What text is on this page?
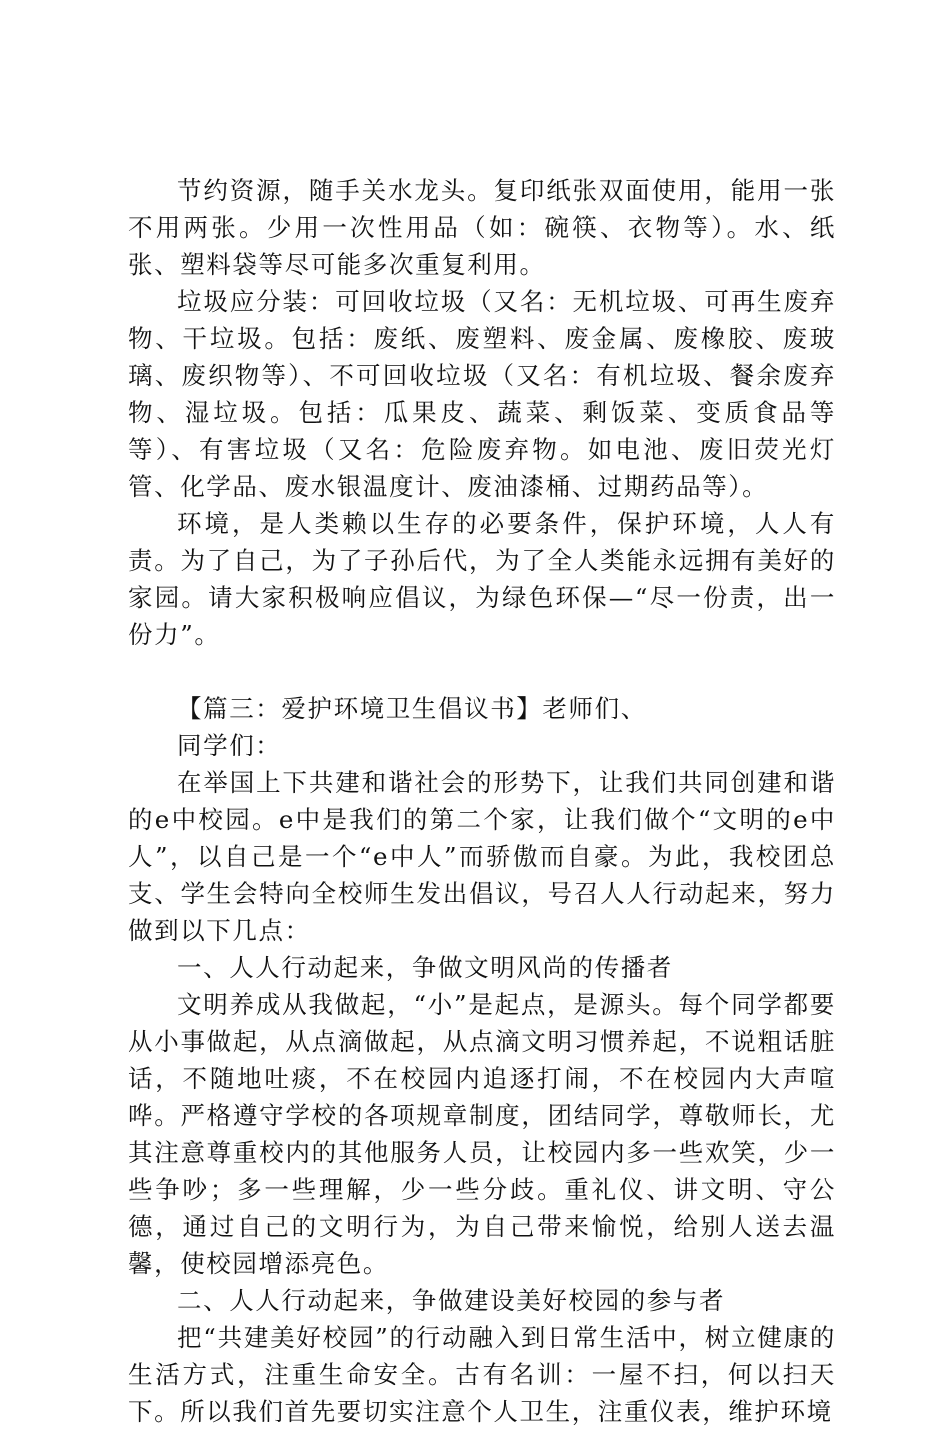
节约资源，随手关水龙头。复印纸张双面使用，能用一张不用两张。少用一次性用品（如：碗筷、衣物等）。水、纸张、塑料袋等尽可能多次重复利用。

垃圾应分装：可回收垃圾（又名：无机垃圾、可再生废弃物、干垃圾。包括：废纸、废塑料、废金属、废橡胶、废玻璃、废织物等）、不可回收垃圾（又名：有机垃圾、餐余废弃物、湿垃圾。包括：瓜果皮、蔬菜、剩饭菜、变质食品等等）、有害垃圾（又名：危险废弃物。如电池、废旧荧光灯管、化学品、废水银温度计、废油漆桶、过期药品等）。

环境，是人类赖以生存的必要条件，保护环境，人人有责。为了自己，为了子孙后代，为了全人类能永远拥有美好的家园。请大家积极响应倡议，为绿色环保—“尽一份责，出一份力”。

【篇三：爱护环境卫生倡议书】老师们、

同学们：

在举国上下共建和谐社会的形势下，让我们共同创建和谐的e中校园。e中是我们的第二个家，让我们做个“文明的e中人”，以自己是一个“e中人”而骄傲而自豪。为此，我校团总支、学生会特向全校师生发出倡议，号召人人行动起来，努力做到以下几点：

一、人人行动起来，争做文明风尚的传播者

文明养成从我做起，“小”是起点，是源头。每个同学都要从小事做起，从点滴做起，从点滴文明习惯养起，不说粗话脏话，不随地吐痰，不在校园内追逐打闹，不在校园内大声喧哗。严格遵守学校的各项规章制度，团结同学，尊敬师长，尤其注意尊重校内的其他服务人员，让校园内多一些欢笑，少一些争吵；多一些理解，少一些分歧。重礼仪、讲文明、守公德，通过自己的文明行为，为自己带来愉悦，给别人送去温馨，使校园增添亮色。

二、人人行动起来，争做建设美好校园的参与者

把“共建美好校园”的行动融入到日常生活中，树立健康的生活方式，注重生命安全。古有名训：一屋不扫，何以扫天下。所以我们首先要切实注意个人卫生，注重仪表，维护环境
